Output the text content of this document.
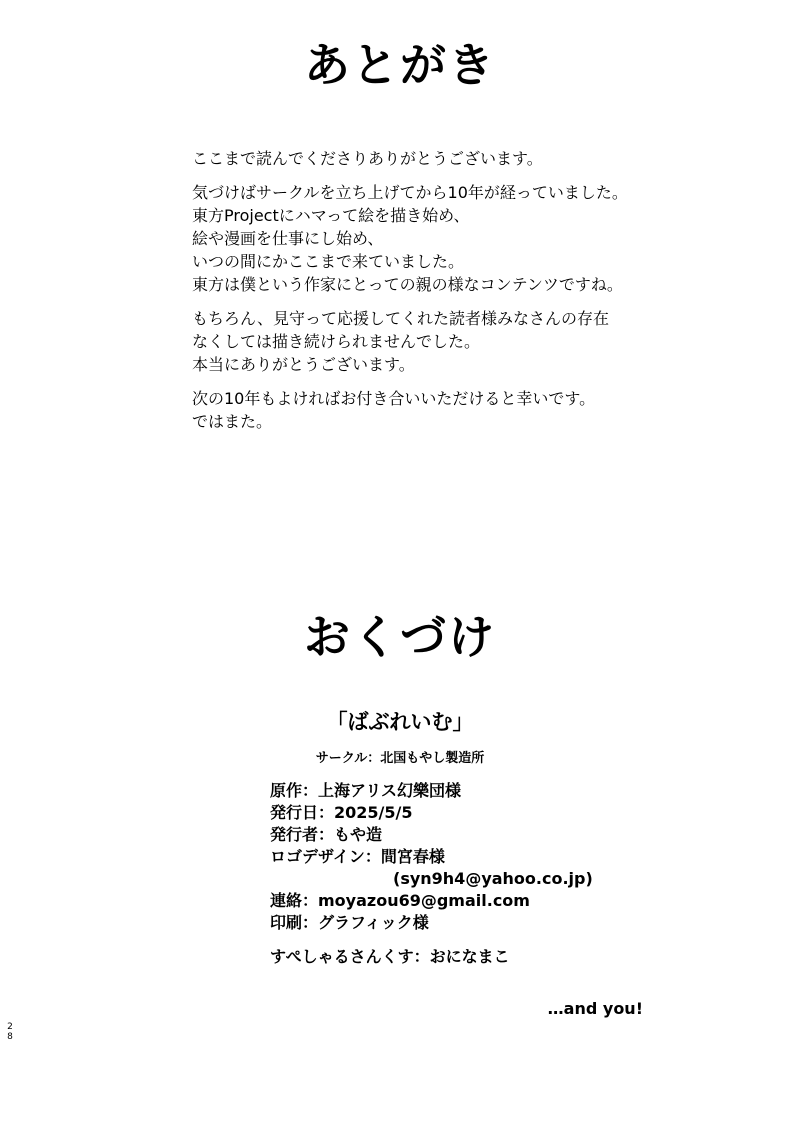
あとがき
ここまで読んでくださりありがとうございます。
気づけばサークルを立ち上げてから10年が経っていました。
東方Projectにハマって絵を描き始め、
絵や漫画を仕事にし始め、
いつの間にかここまで来ていました。
東方は僕という作家にとっての親の様なコンテンツですね。
もちろん、見守って応援してくれた読者様みなさんの存在
なくしては描き続けられませんでした。
本当にありがとうございます。
次の10年もよければお付き合いいただけると幸いです。
ではまた。
おくづけ
「ばぶれいむ」
サークル：北国もやし製造所
原作：上海アリス幻樂団様
発行日：2025/5/5
発行者：もや造
ロゴデザイン：間宮春様
(syn9h4@yahoo.co.jp)
連絡：moyazou69@gmail.com
印刷：グラフィック様
すぺしゃるさんくす：おになまこ
…and you!
2
8
